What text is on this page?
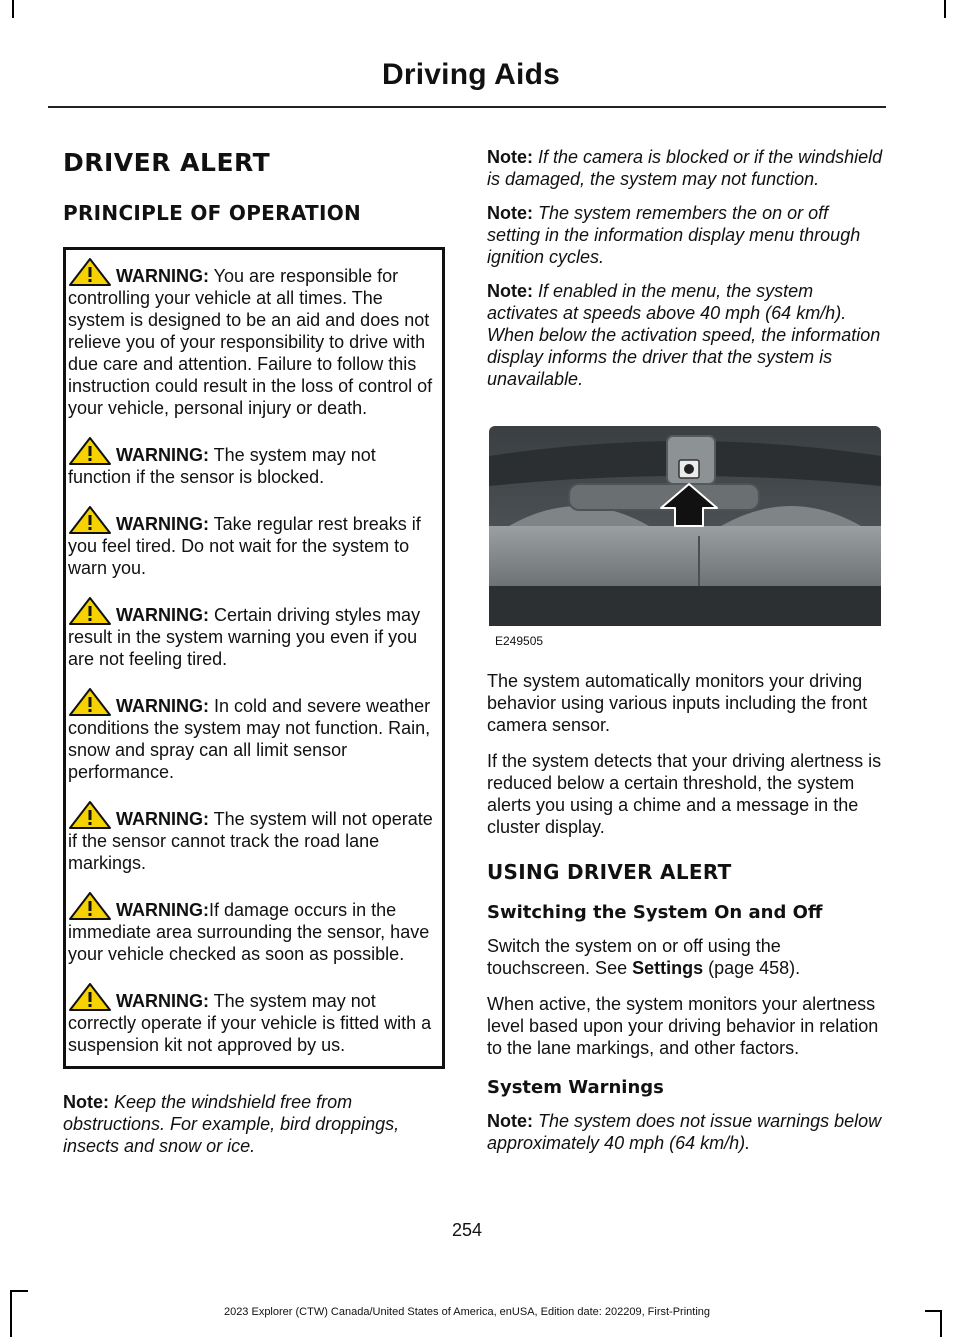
Driving Aids
DRIVER ALERT
PRINCIPLE OF OPERATION

WARNING: You are responsible for controlling your vehicle at all times. The system is designed to be an aid and does not relieve you of your responsibility to drive with due care and attention. Failure to follow this instruction could result in the loss of control of your vehicle, personal injury or death.

WARNING: The system may not function if the sensor is blocked.

WARNING: Take regular rest breaks if you feel tired. Do not wait for the system to warn you.

WARNING: Certain driving styles may result in the system warning you even if you are not feeling tired.

WARNING: In cold and severe weather conditions the system may not function. Rain, snow and spray can all limit sensor performance.

WARNING: The system will not operate if the sensor cannot track the road lane markings.

WARNING:If damage occurs in the immediate area surrounding the sensor, have your vehicle checked as soon as possible.

WARNING: The system may not correctly operate if your vehicle is fitted with a suspension kit not approved by us.

Note: Keep the windshield free from obstructions. For example, bird droppings, insects and snow or ice.

Note: If the camera is blocked or if the windshield is damaged, the system may not function.

Note: The system remembers the on or off setting in the information display menu through ignition cycles.

Note: If enabled in the menu, the system activates at speeds above 40 mph (64 km/h). When below the activation speed, the information display informs the driver that the system is unavailable.

E249505

The system automatically monitors your driving behavior using various inputs including the front camera sensor.

If the system detects that your driving alertness is reduced below a certain threshold, the system alerts you using a chime and a message in the cluster display.

USING DRIVER ALERT
Switching the System On and Off

Switch the system on or off using the touchscreen. See Settings (page 458).

When active, the system monitors your alertness level based upon your driving behavior in relation to the lane markings, and other factors.

System Warnings

Note: The system does not issue warnings below approximately 40 mph (64 km/h).

254
2023 Explorer (CTW) Canada/United States of America, enUSA, Edition date: 202209, First-Printing
